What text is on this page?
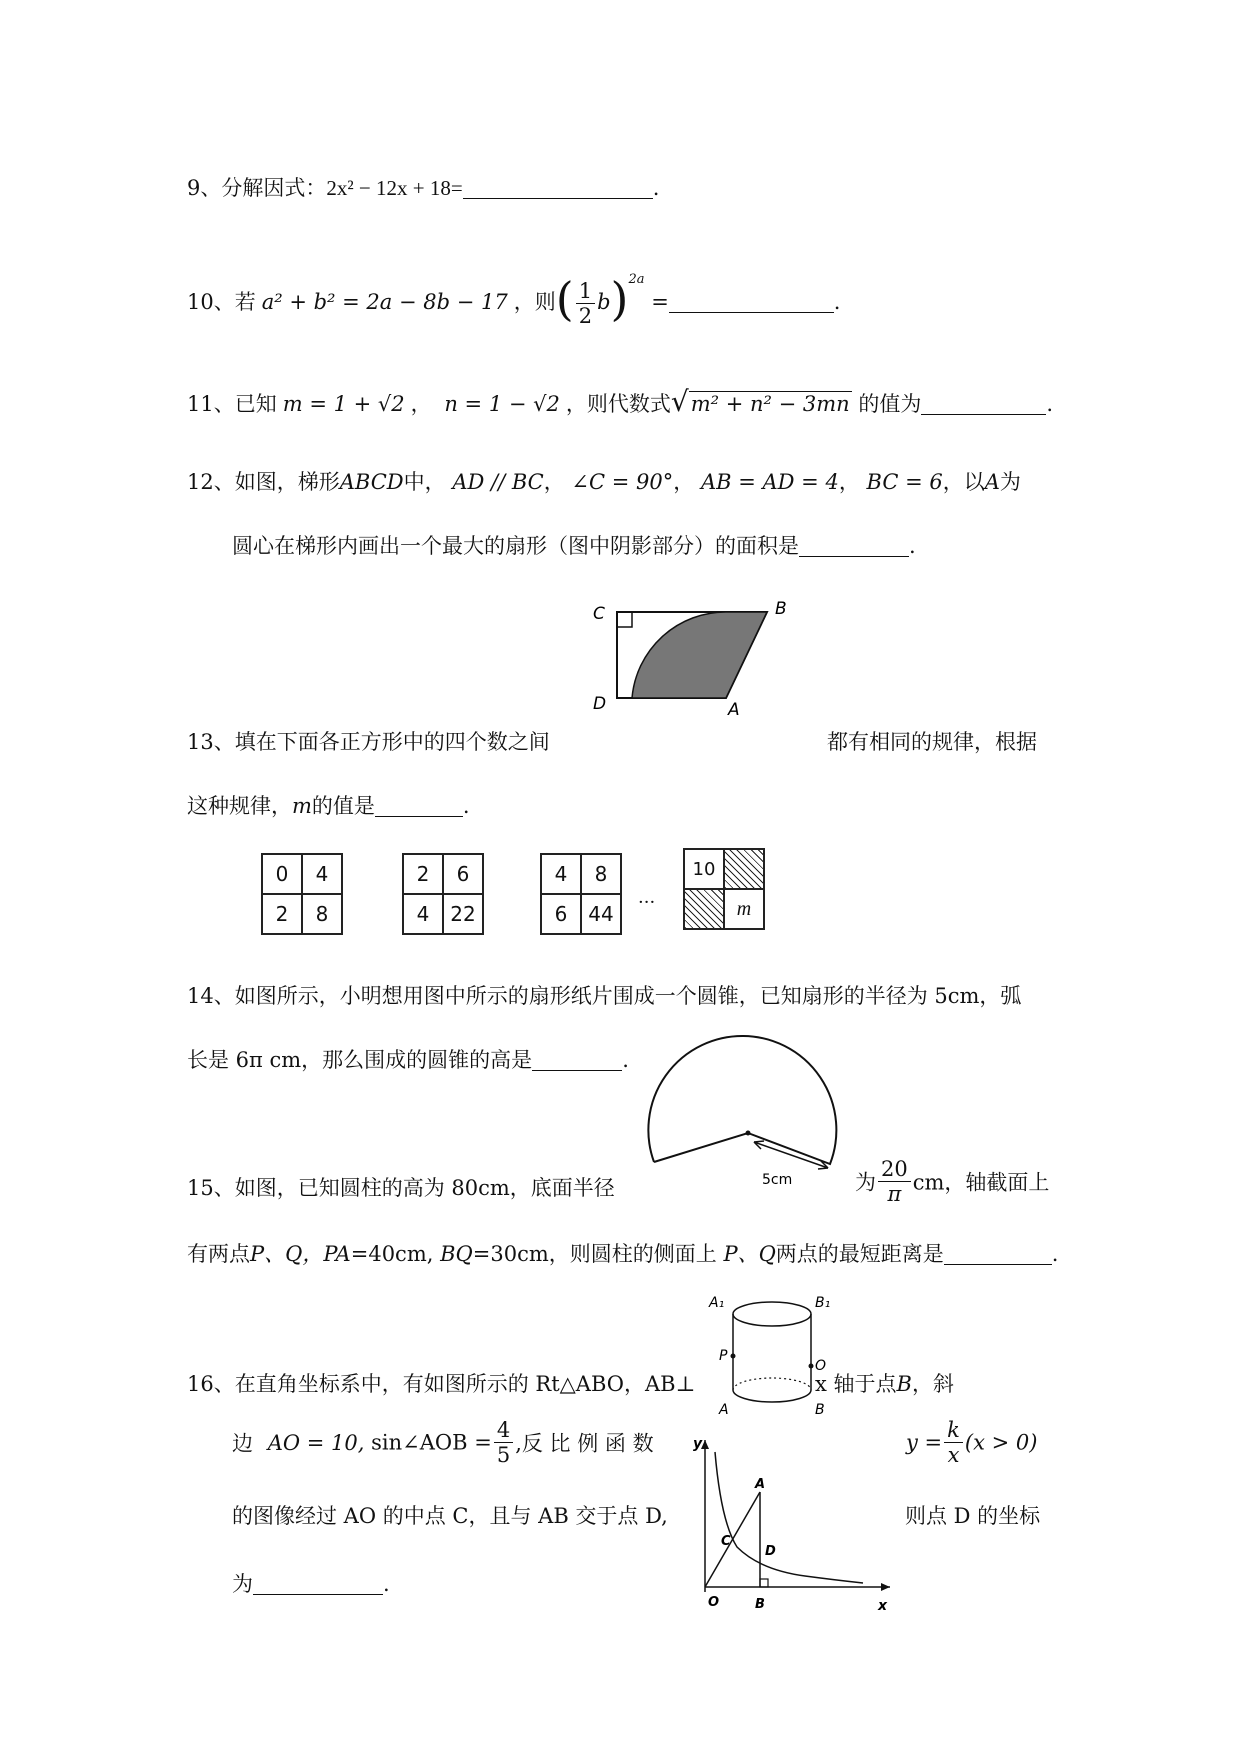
9、分解因式：2x² − 12x + 18=	.
10、若 a² + b² = 2a − 8b − 17 ，则( $\frac{1}{2} b)^{2a}$ =	.
11、已知 m = 1 + √2 ， n = 1 − √2 ，则代数式√m² + n² − 3mn 的值为	.
12、如图，梯形ABCD中， AD // BC， ∠C = 90°， AB = AD = 4， BC = 6，以A为
圆心在梯形内画出一个最大的扇形（图中阴影部分）的面积是	.
C	B
D	A
13、填在下面各正方形中的四个数之间	都有相同的规律，根据
这种规律，m的值是	.
0	4
2	8
2	6
4	22
4	8
6	44 ···
10	
	m
14、如图所示，小明想用图中所示的扇形纸片围成一个圆锥，已知扇形的半径为 5cm，弧
长是 6π cm，那么围成的圆锥的高是	.
5cm
15、如图，已知圆柱的高为 80cm，底面半径	为 $\frac{20}{\pi}$ cm，轴截面上
有两点P、Q，PA=40cm, BQ=30cm，则圆柱的侧面上 P、Q两点的最短距离是	.
A₁	B₁
P
O
A	B
16、在直角坐标系中，有如图所示的 Rt△ABO，AB⊥	x 轴于点B，斜
边 AO = 10, sin∠AOB = $\frac{4}{5}$ ,反 比 例 函 数	$y = \frac{k}{x} (x > 0)$
的图像经过 AO 的中点 C，且与 AB 交于点 D,	则点 D 的坐标
为	.
y
x
A
C
D
O	B
